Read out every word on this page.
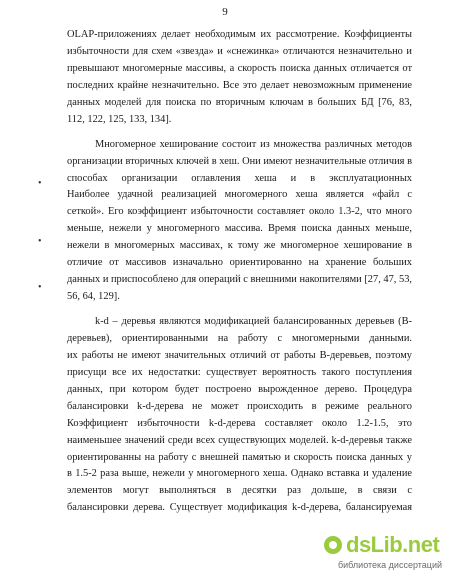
9
•
•
•
OLAP-приложениях делает необходимым их рассмотрение. Коэффициенты
избыточности для схем «звезда» и «снежинка» отличаются незначительно и
превышают многомерные массивы, а скорость поиска данных отличается от
последних крайне незначительно. Все это делает невозможным применение
данных моделей для поиска по вторичным ключам в больших БД [76, 83,
112, 122, 125, 133, 134].
Многомерное хеширование состоит из множества различных методов
организации вторичных ключей в хеш. Они имеют незначительные отличия в
способах организации оглавления хеша и в эксплуатационных
Наиболее удачной реализацией многомерного хеша является «файл с
сеткой». Его коэффициент избыточности составляет около 1.3-2, что много
меньше, нежели у многомерного массива. Время поиска данных меньше,
нежели в многомерных массивах, к тому же многомерное хеширование в
отличие от массивов изначально ориентированно на хранение больших
данных и приспособлено для операций с внешними накопителями [27, 47, 53,
56, 64, 129].
k-d – деревья являются модификацией балансированных деревьев (B-
деревьев), ориентированными на работу с многомерными данными.
их работы не имеют значительных отличий от работы B-деревьев, поэтому
присущи все их недостатки: существует вероятность такого поступления
данных, при котором будет построено вырожденное дерево. Процедура
балансировки k-d-дерева не может происходить в режиме реального
Коэффициент избыточности k-d-дерева составляет около 1.2-1.5, это
наименьшее значений среди всех существующих моделей. k-d-деревья также
ориентированны на работу с внешней памятью и скорость поиска данных у
в 1.5-2 раза выше, нежели у многомерного хеша. Однако вставка и удаление
элементов могут выполняться в десятки раз дольше, в связи с
балансировки дерева. Существует модификация k-d-дерева, балансируемая
dsLib.net
библиотека диссертаций
